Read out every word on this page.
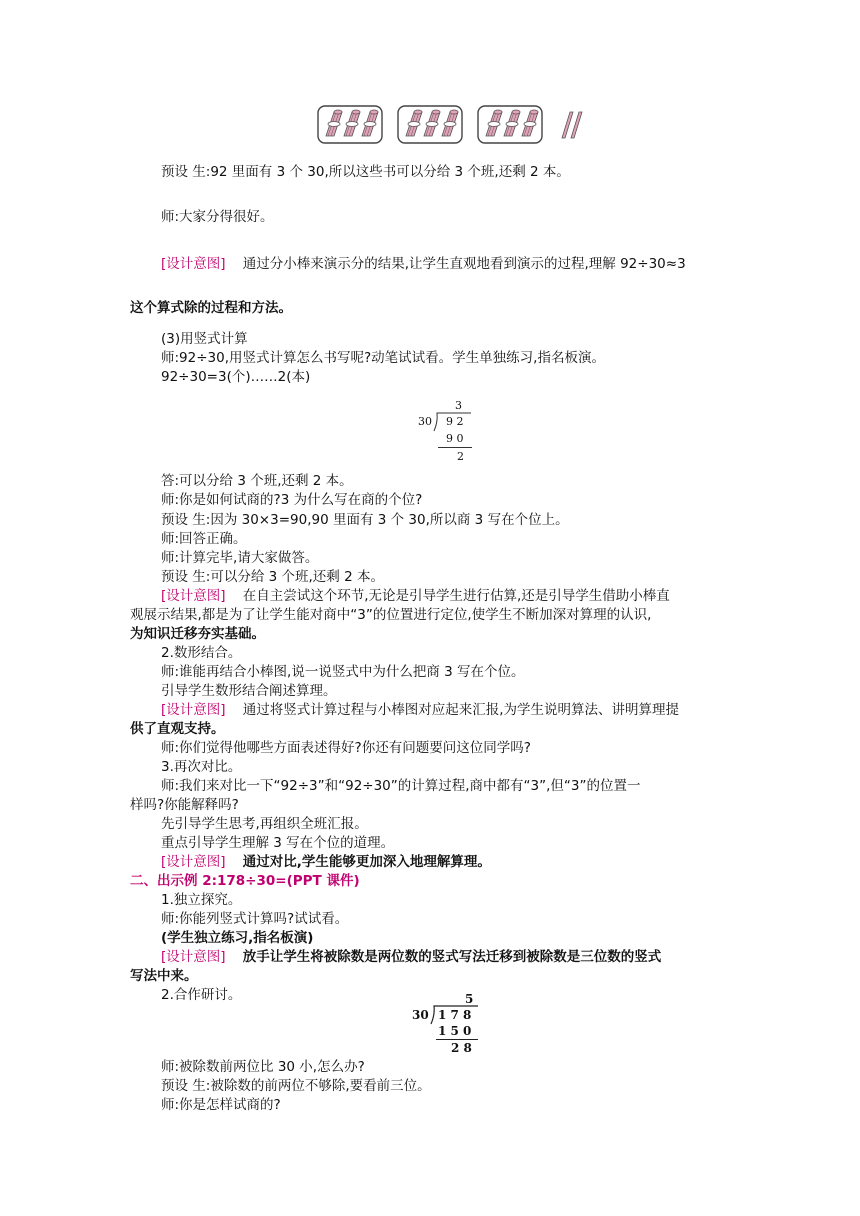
预设 生:92 里面有 3 个 30,所以这些书可以分给 3 个班,还剩 2 本。
师:大家分得很好。
[设计意图] 通过分小棒来演示分的结果,让学生直观地看到演示的过程,理解 92÷30≈3
这个算式除的过程和方法。
(3)用竖式计算
师:92÷30,用竖式计算怎么书写呢?动笔试试看。学生单独练习,指名板演。
92÷30=3(个)……2(本)
3
30 9 2
9 0
2
答:可以分给 3 个班,还剩 2 本。
师:你是如何试商的?3 为什么写在商的个位?
预设 生:因为 30×3=90,90 里面有 3 个 30,所以商 3 写在个位上。
师:回答正确。
师:计算完毕,请大家做答。
预设 生:可以分给 3 个班,还剩 2 本。
[设计意图] 在自主尝试这个环节,无论是引导学生进行估算,还是引导学生借助小棒直
观展示结果,都是为了让学生能对商中“3”的位置进行定位,使学生不断加深对算理的认识,
为知识迁移夯实基础。
2.数形结合。
师:谁能再结合小棒图,说一说竖式中为什么把商 3 写在个位。
引导学生数形结合阐述算理。
[设计意图] 通过将竖式计算过程与小棒图对应起来汇报,为学生说明算法、讲明算理提
供了直观支持。
师:你们觉得他哪些方面表述得好?你还有问题要问这位同学吗?
3.再次对比。
师:我们来对比一下“92÷3”和“92÷30”的计算过程,商中都有“3”,但“3”的位置一
样吗?你能解释吗?
先引导学生思考,再组织全班汇报。
重点引导学生理解 3 写在个位的道理。
[设计意图] 通过对比,学生能够更加深入地理解算理。
二、出示例 2:178÷30=(PPT 课件)
1.独立探究。
师:你能列竖式计算吗?试试看。
(学生独立练习,指名板演)
[设计意图] 放手让学生将被除数是两位数的竖式写法迁移到被除数是三位数的竖式
写法中来。
2.合作研讨。	5
30 1 7 8
1 5 0
2 8
师:被除数前两位比 30 小,怎么办?
预设 生:被除数的前两位不够除,要看前三位。
师:你是怎样试商的?
